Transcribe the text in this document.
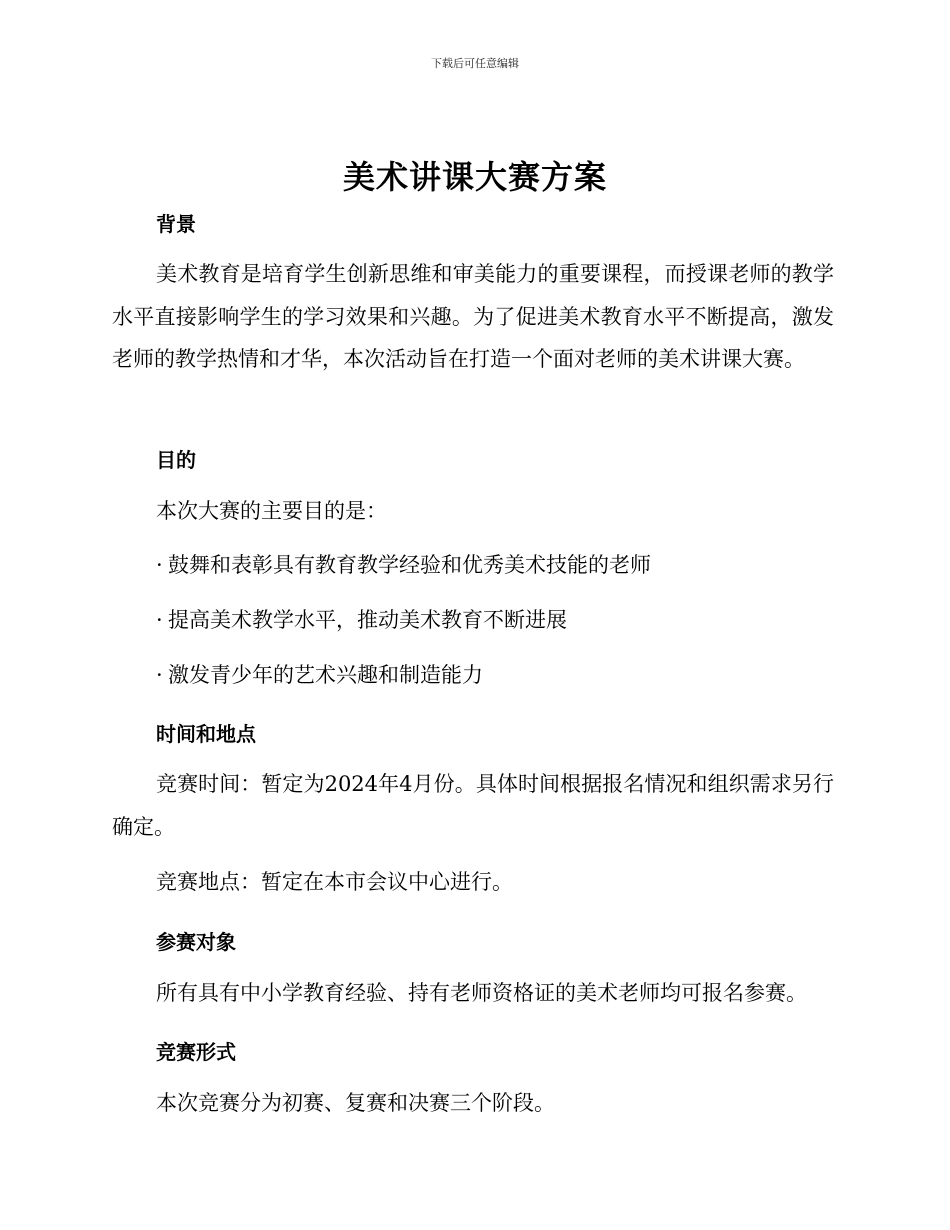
下载后可任意编辑
美术讲课大赛方案
背景
美术教育是培育学生创新思维和审美能力的重要课程，而授课老师的教学水平直接影响学生的学习效果和兴趣。为了促进美术教育水平不断提高，激发老师的教学热情和才华，本次活动旨在打造一个面对老师的美术讲课大赛。
目的
本次大赛的主要目的是：
· 鼓舞和表彰具有教育教学经验和优秀美术技能的老师
· 提高美术教学水平，推动美术教育不断进展
· 激发青少年的艺术兴趣和制造能力
时间和地点
竞赛时间：暂定为2024年4月份。具体时间根据报名情况和组织需求另行确定。
竞赛地点：暂定在本市会议中心进行。
参赛对象
所有具有中小学教育经验、持有老师资格证的美术老师均可报名参赛。
竞赛形式
本次竞赛分为初赛、复赛和决赛三个阶段。
